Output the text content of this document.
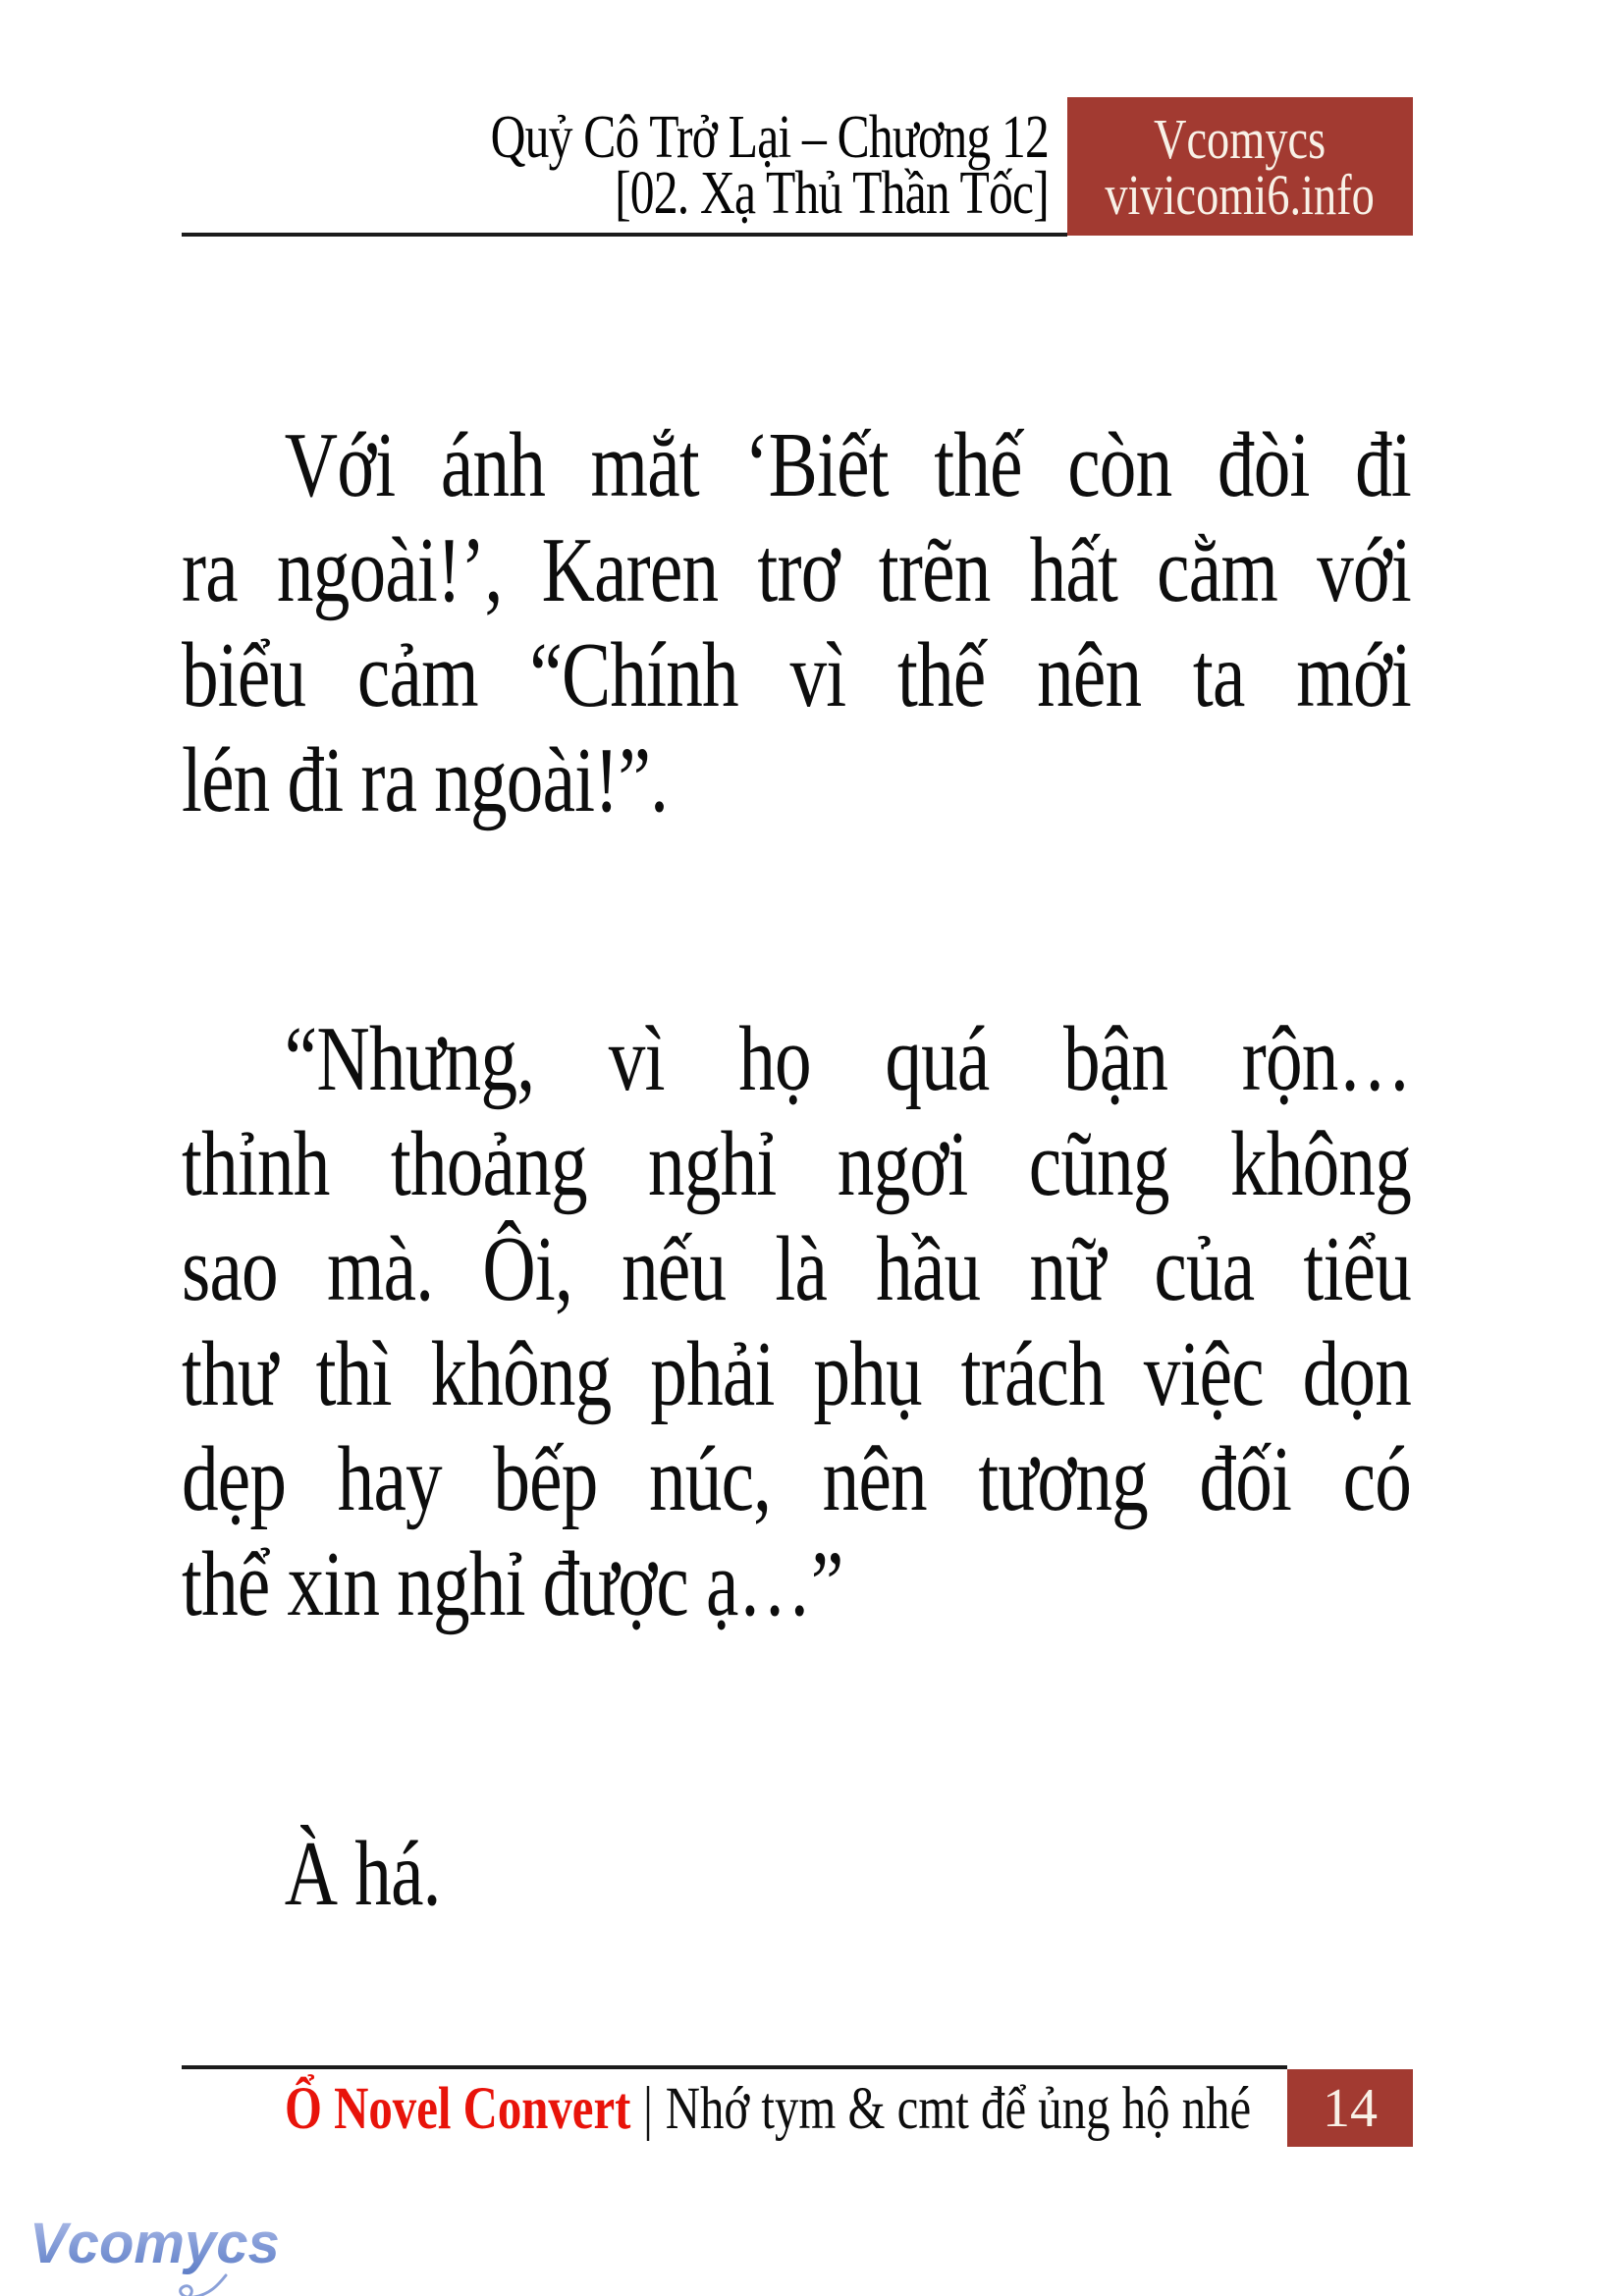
Quỷ Cô Trở Lại – Chương 12
[02. Xạ Thủ Thần Tốc]
Vcomycs
vivicomi6.info
Với ánh mắt ‘Biết thế còn đòi đi
ra ngoài!’, Karen trơ trẽn hất cằm với
biểu cảm “Chính vì thế nên ta mới
lén đi ra ngoài!”.
“Nhưng, vì họ quá bận rộn…
thỉnh thoảng nghỉ ngơi cũng không
sao mà. Ôi, nếu là hầu nữ của tiểu
thư thì không phải phụ trách việc dọn
dẹp hay bếp núc, nên tương đối có
thể xin nghỉ được ạ…”
À há.
Ổ Novel Convert | Nhớ tym & cmt để ủng hộ nhé 14
Vcomycs
